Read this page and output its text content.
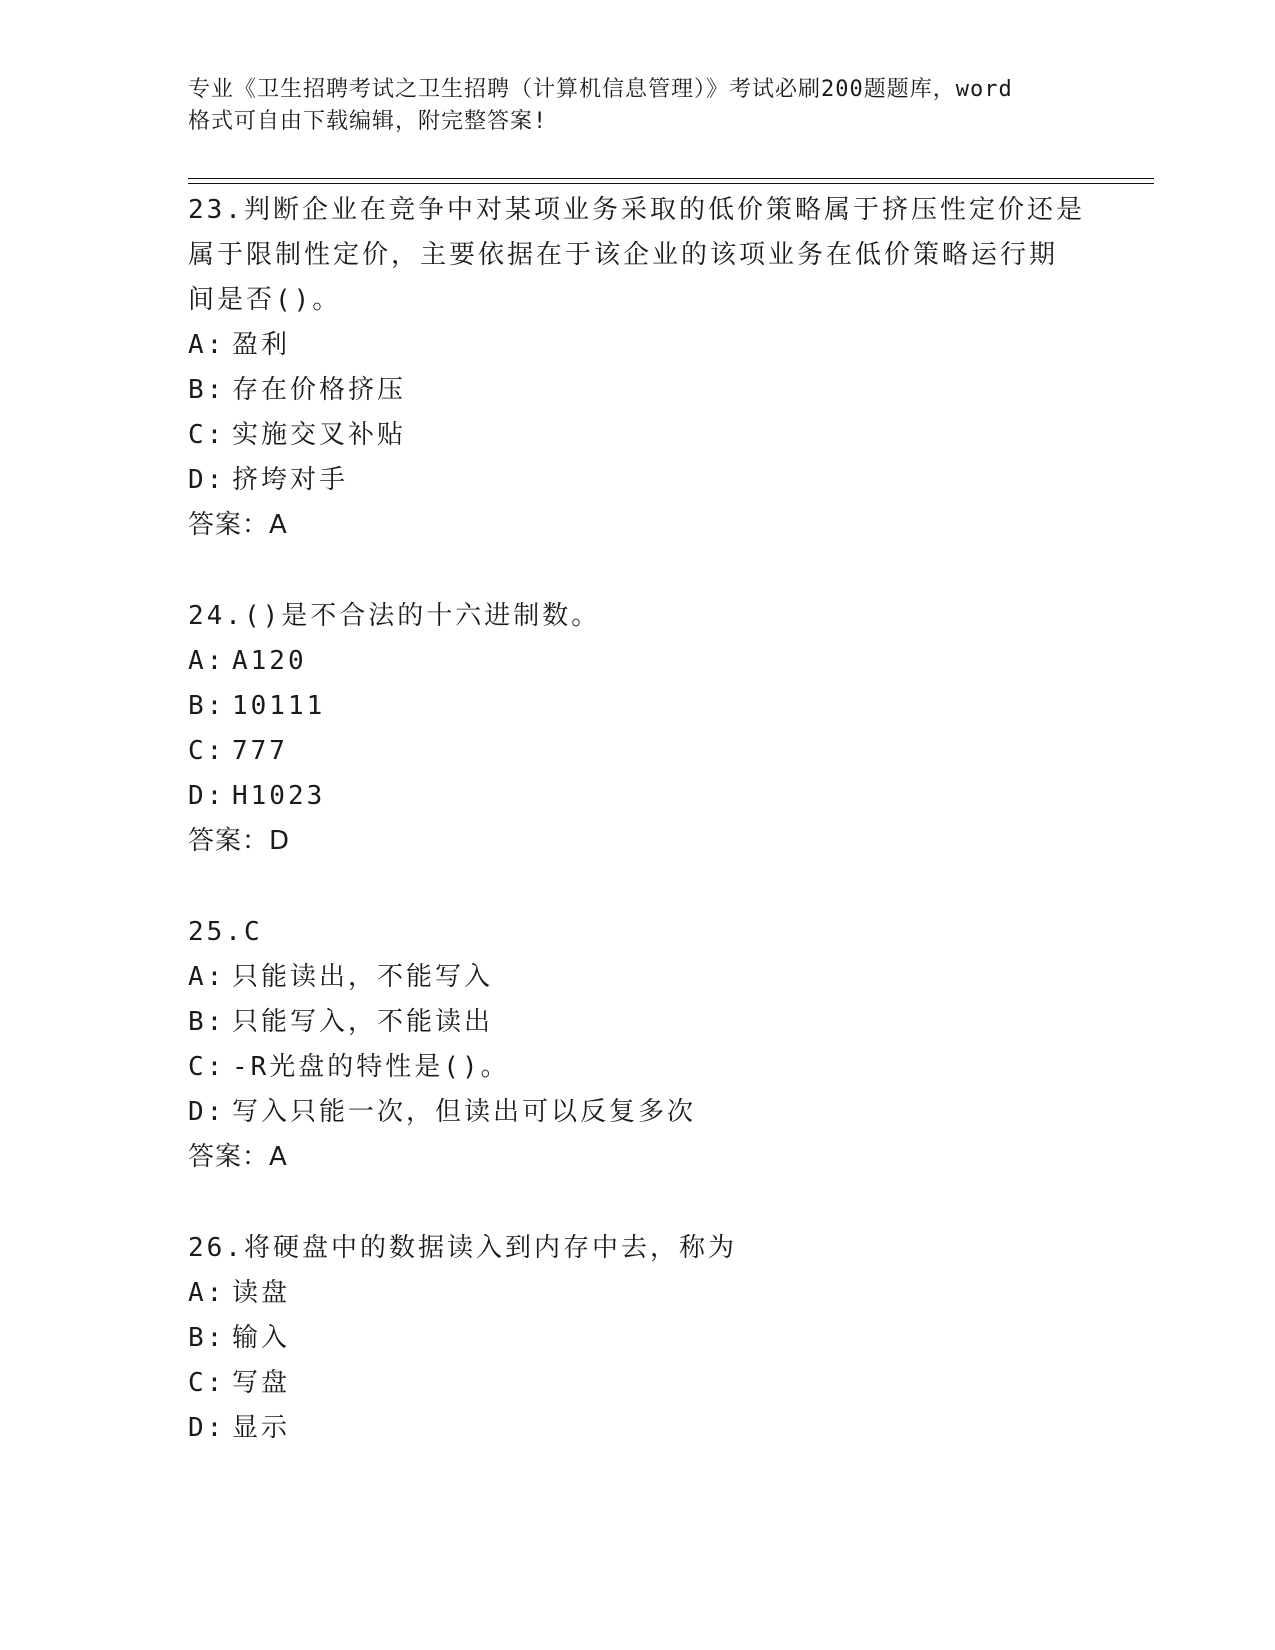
专业《卫生招聘考试之卫生招聘（计算机信息管理）》考试必刷200题题库，word
格式可自由下载编辑，附完整答案!

23.判断企业在竞争中对某项业务采取的低价策略属于挤压性定价还是

属于限制性定价，主要依据在于该企业的该项业务在低价策略运行期

间是否()。

A: 盈利

B: 存在价格挤压

C: 实施交叉补贴

D: 挤垮对手

答案：A

24.()是不合法的十六进制数。

A: A120

B: 10111

C: 777

D: H1023

答案：D

25.C

A: 只能读出，不能写入

B: 只能写入，不能读出

C: -R光盘的特性是()。

D: 写入只能一次，但读出可以反复多次

答案：A

26.将硬盘中的数据读入到内存中去，称为

A: 读盘

B: 输入

C: 写盘

D: 显示
